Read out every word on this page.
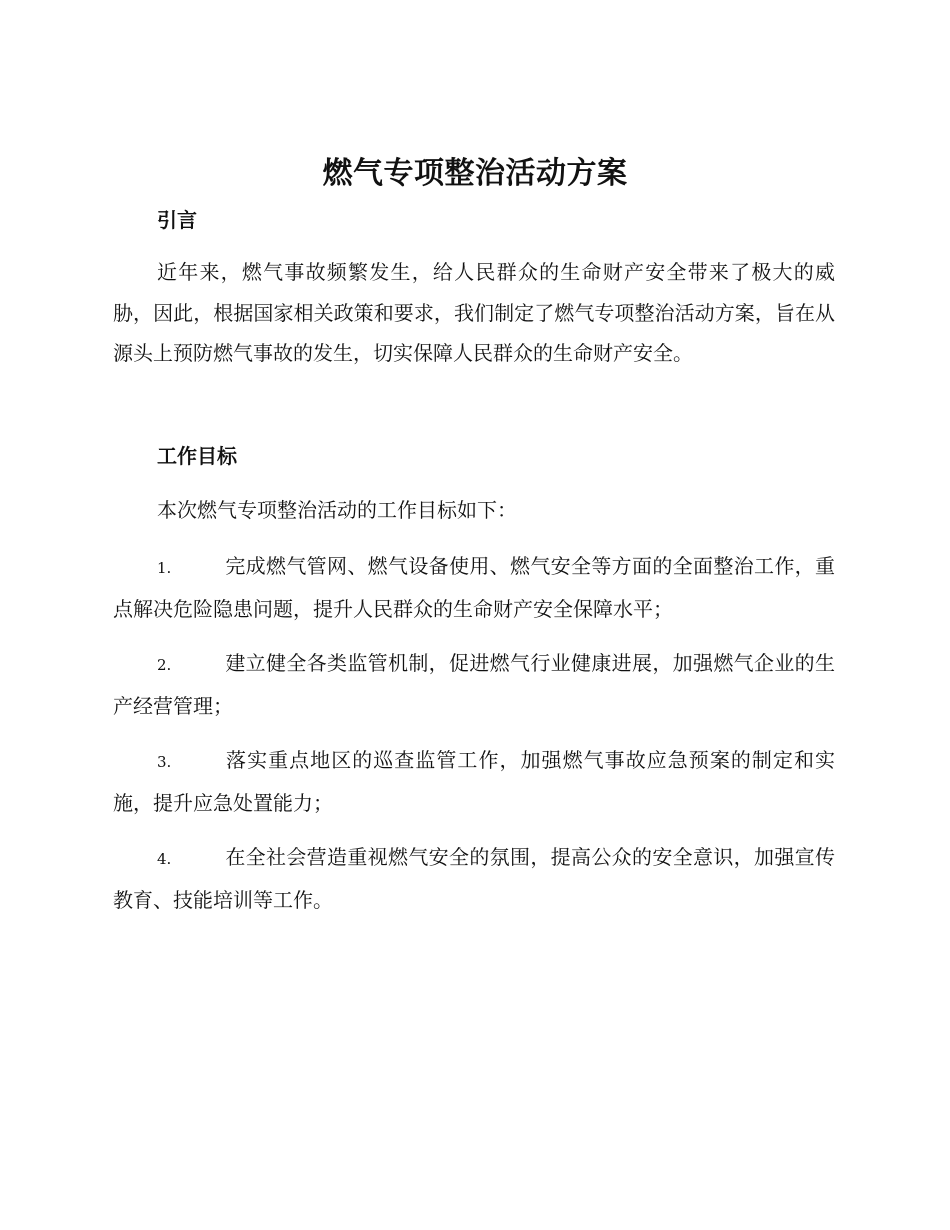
燃气专项整治活动方案
引言
近年来，燃气事故频繁发生，给人民群众的生命财产安全带来了极大的威胁，因此，根据国家相关政策和要求，我们制定了燃气专项整治活动方案，旨在从源头上预防燃气事故的发生，切实保障人民群众的生命财产安全。
工作目标
本次燃气专项整治活动的工作目标如下：
1.	完成燃气管网、燃气设备使用、燃气安全等方面的全面整治工作，重点解决危险隐患问题，提升人民群众的生命财产安全保障水平；
2.	建立健全各类监管机制，促进燃气行业健康进展，加强燃气企业的生产经营管理；
3.	落实重点地区的巡查监管工作，加强燃气事故应急预案的制定和实施，提升应急处置能力；
4.	在全社会营造重视燃气安全的氛围，提高公众的安全意识，加强宣传教育、技能培训等工作。
